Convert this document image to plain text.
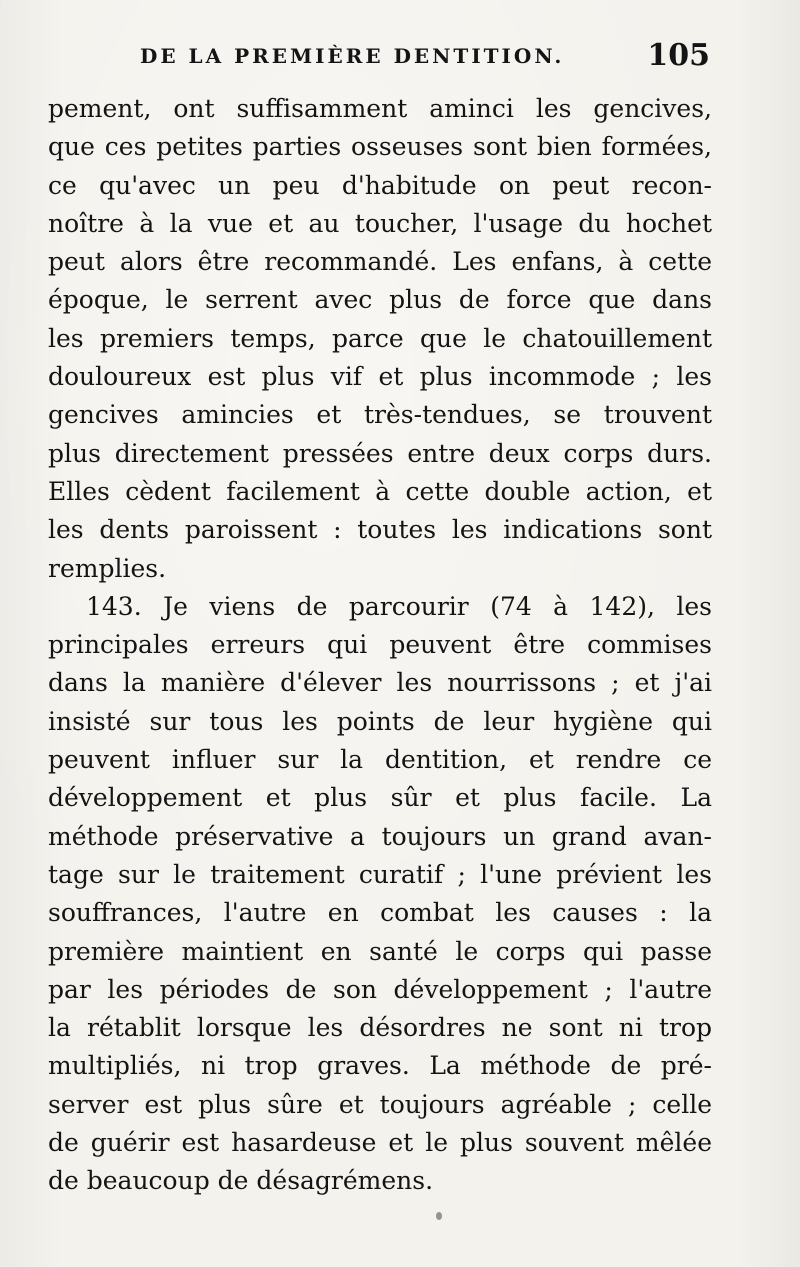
DE LA PREMIÈRE DENTITION.	105
pement, ont suffisamment aminci les gencives,
que ces petites parties osseuses sont bien formées,
ce qu'avec un peu d'habitude on peut recon-
noître à la vue et au toucher, l'usage du hochet
peut alors être recommandé. Les enfans, à cette
époque, le serrent avec plus de force que dans
les premiers temps, parce que le chatouillement
douloureux est plus vif et plus incommode ; les
gencives amincies et très-tendues, se trouvent
plus directement pressées entre deux corps durs.
Elles cèdent facilement à cette double action, et
les dents paroissent : toutes les indications sont
remplies.
143. Je viens de parcourir (74 à 142), les
principales erreurs qui peuvent être commises
dans la manière d'élever les nourrissons ; et j'ai
insisté sur tous les points de leur hygiène qui
peuvent influer sur la dentition, et rendre ce
développement et plus sûr et plus facile. La
méthode préservative a toujours un grand avan-
tage sur le traitement curatif ; l'une prévient les
souffrances, l'autre en combat les causes : la
première maintient en santé le corps qui passe
par les périodes de son développement ; l'autre
la rétablit lorsque les désordres ne sont ni trop
multipliés, ni trop graves. La méthode de pré-
server est plus sûre et toujours agréable ; celle
de guérir est hasardeuse et le plus souvent mêlée
de beaucoup de désagrémens.
